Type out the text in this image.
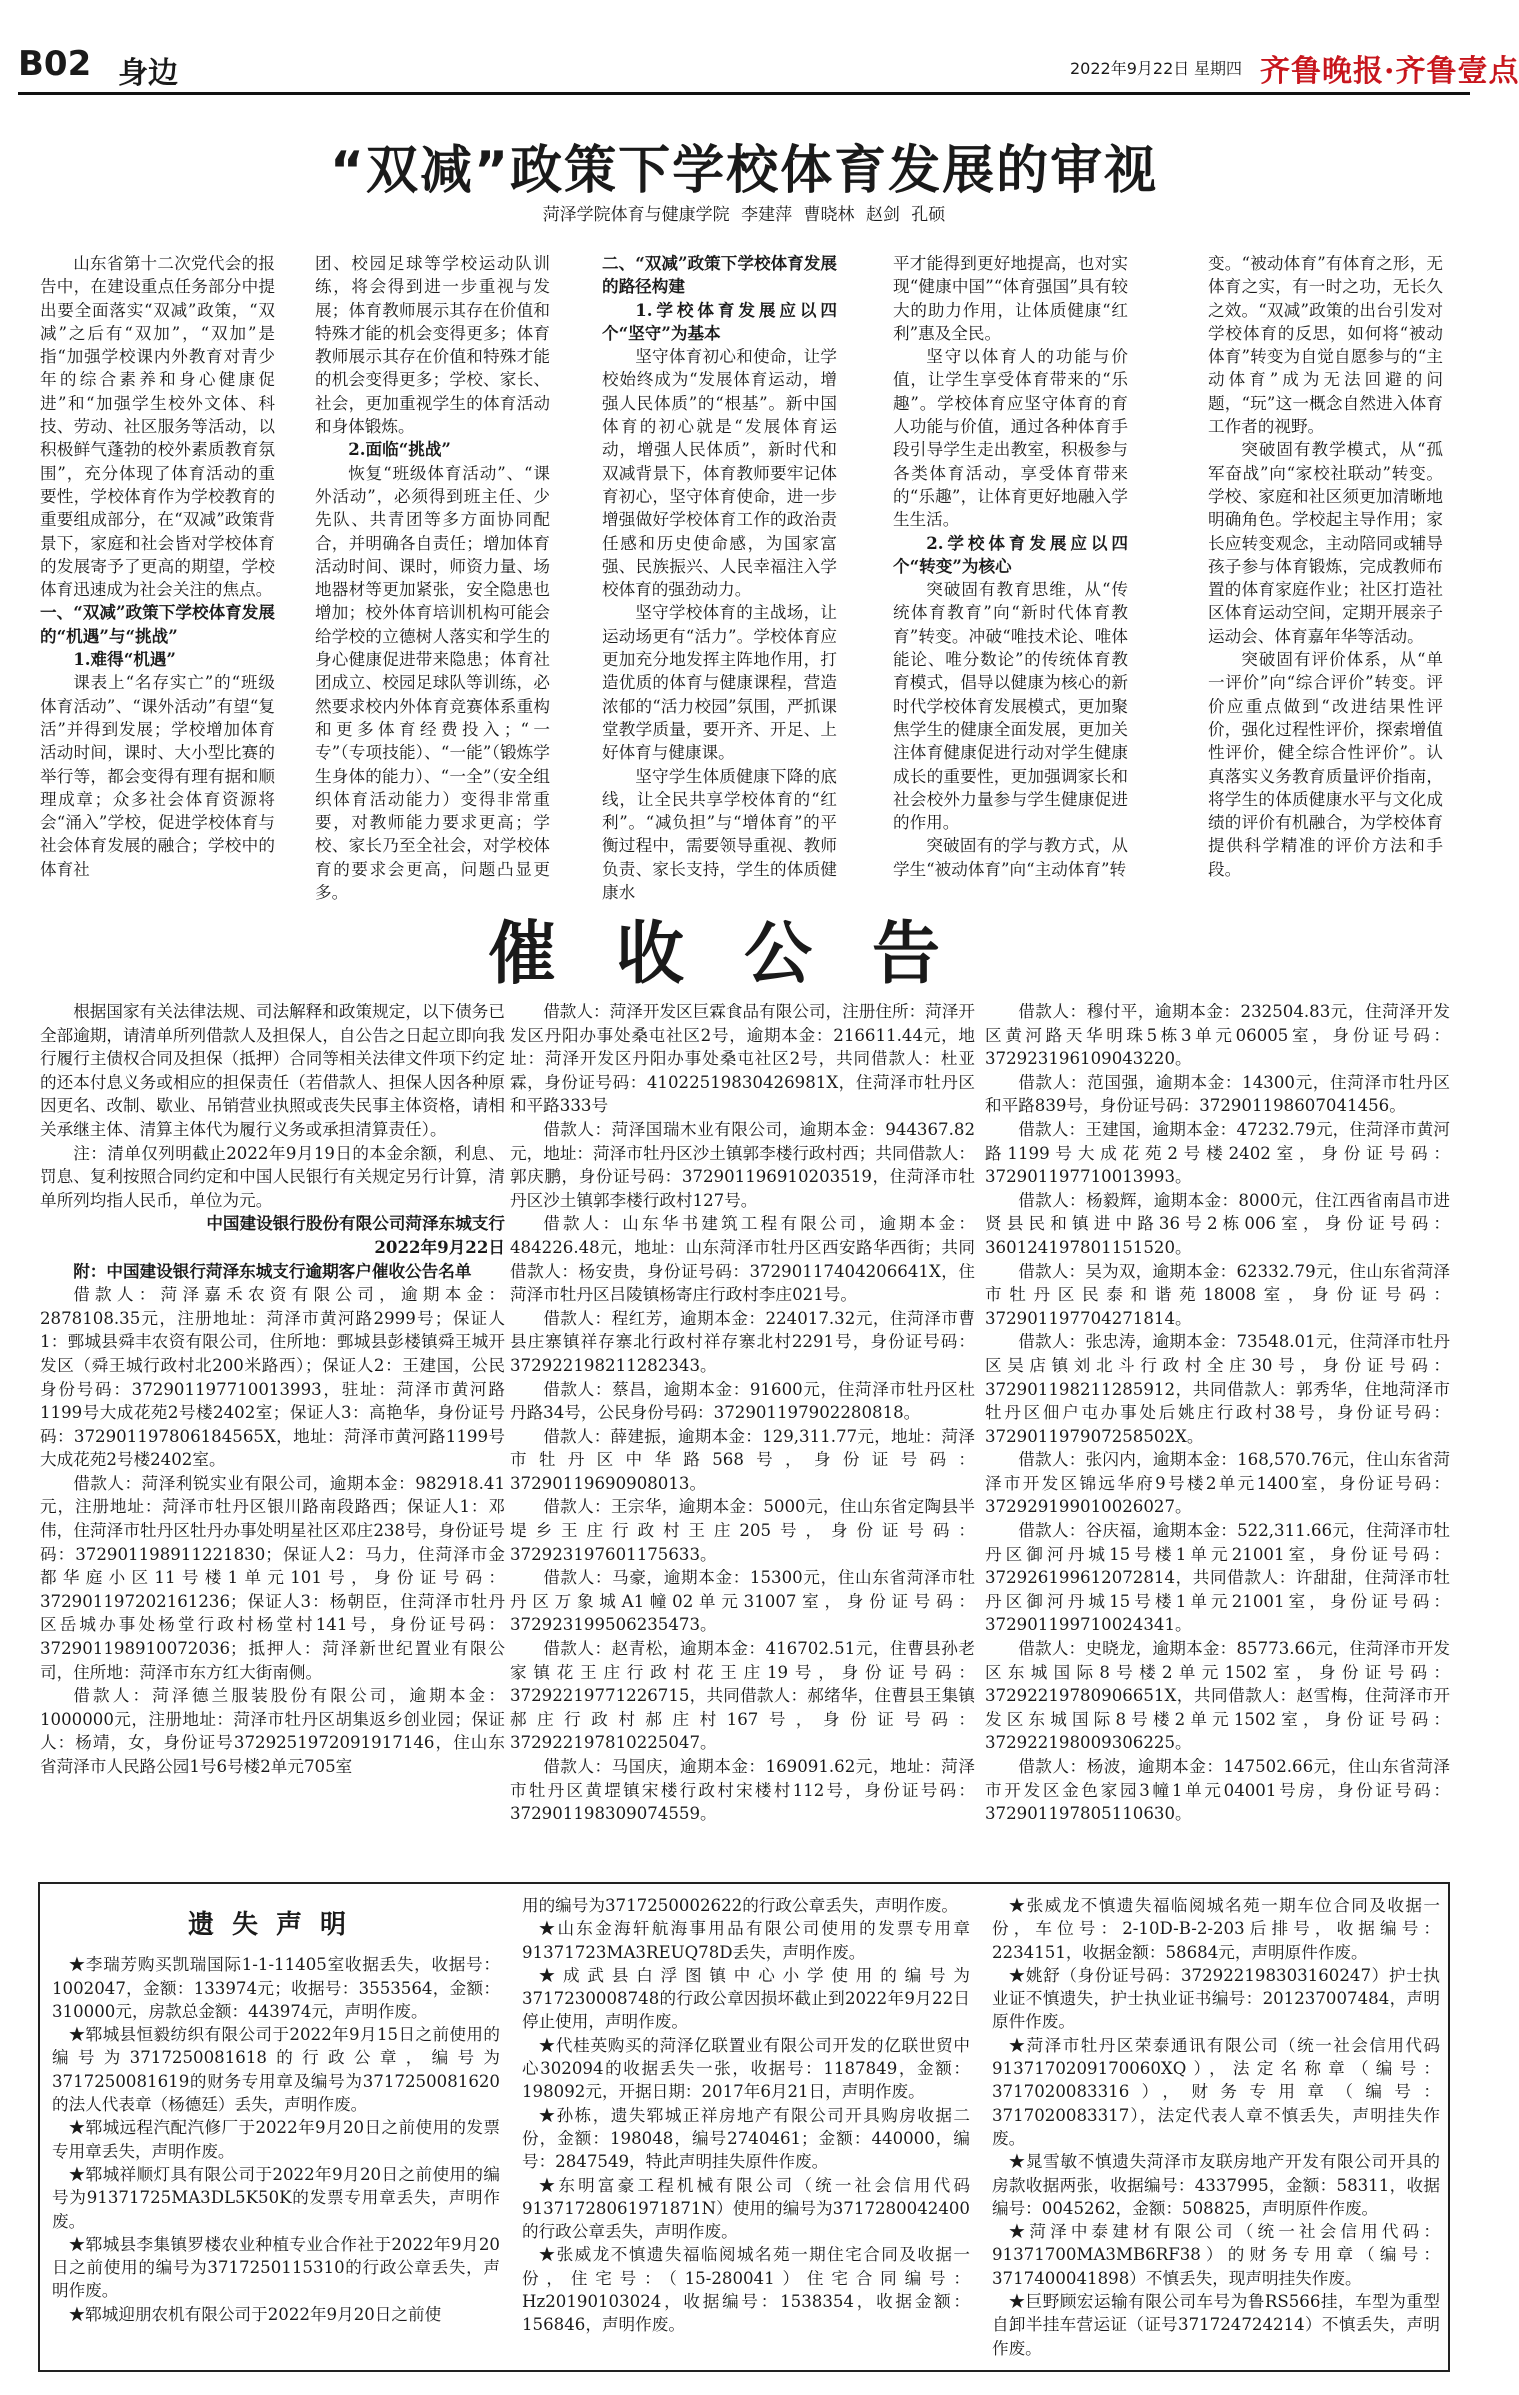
B02 身边	2022年9月22日 星期四 齐鲁晚报·齐鲁壹点
“双减”政策下学校体育发展的审视
菏泽学院体育与健康学院 李建萍 曹晓林 赵剑 孔硕

山东省第十二次党代会的报告中，在建设重点任务部分中提出要全面落实“双减”政策，“双减”之后有“双加”，“双加”是指“加强学校课内外教育对青少年的综合素养和身心健康促进”和“加强学生校外文体、科技、劳动、社区服务等活动，以积极鲜气蓬勃的校外素质教育氛围”，充分体现了体育活动的重要性，学校体育作为学校教育的重要组成部分，在“双减”政策背景下，家庭和社会皆对学校体育的发展寄予了更高的期望，学校体育迅速成为社会关注的焦点。

一、“双减”政策下学校体育发展的“机遇”与“挑战”

1.难得“机遇”

课表上“名存实亡”的“班级体育活动”、“课外活动”有望“复活”并得到发展；学校增加体育活动时间，课时、大小型比赛的举行等，都会变得有理有据和顺理成章；众多社会体育资源将会“涌入”学校，促进学校体育与社会体育发展的融合；学校中的体育社

团、校园足球等学校运动队训练，将会得到进一步重视与发展；体育教师展示其存在价值和特殊才能的机会变得更多；体育教师展示其存在价值和特殊才能的机会变得更多；学校、家长、社会，更加重视学生的体育活动和身体锻炼。

2.面临“挑战”

恢复“班级体育活动”、“课外活动”，必须得到班主任、少先队、共青团等多方面协同配合，并明确各自责任；增加体育活动时间、课时，师资力量、场地器材等更加紧张，安全隐患也增加；校外体育培训机构可能会给学校的立德树人落实和学生的身心健康促进带来隐患；体育社团成立、校园足球队等训练，必然要求校内外体育竞赛体系重构和更多体育经费投入；“一专”（专项技能）、“一能”（锻炼学生身体的能力）、“一全”（安全组织体育活动能力）变得非常重要，对教师能力要求更高；学校、家长乃至全社会，对学校体育的要求会更高，问题凸显更多。

二、“双减”政策下学校体育发展的路径构建

1.学校体育发展应以四个“坚守”为基本

坚守体育初心和使命，让学校始终成为“发展体育运动，增强人民体质”的“根基”。新中国体育的初心就是“发展体育运动，增强人民体质”，新时代和双减背景下，体育教师要牢记体育初心，坚守体育使命，进一步增强做好学校体育工作的政治责任感和历史使命感，为国家富强、民族振兴、人民幸福注入学校体育的强劲动力。

坚守学校体育的主战场，让运动场更有“活力”。学校体育应更加充分地发挥主阵地作用，打造优质的体育与健康课程，营造浓郁的“活力校园”氛围，严抓课堂教学质量，要开齐、开足、上好体育与健康课。

坚守学生体质健康下降的底线，让全民共享学校体育的“红利”。“减负担”与“增体育”的平衡过程中，需要领导重视、教师负责、家长支持，学生的体质健康水

平才能得到更好地提高，也对实现“健康中国”“体育强国”具有较大的助力作用，让体质健康“红利”惠及全民。

坚守以体育人的功能与价值，让学生享受体育带来的“乐趣”。学校体育应坚守体育的育人功能与价值，通过各种体育手段引导学生走出教室，积极参与各类体育活动，享受体育带来的“乐趣”，让体育更好地融入学生生活。

2.学校体育发展应以四个“转变”为核心

突破固有教育思维，从“传统体育教育”向“新时代体育教育”转变。冲破“唯技术论、唯体能论、唯分数论”的传统体育教育模式，倡导以健康为核心的新时代学校体育发展模式，更加聚焦学生的健康全面发展，更加关注体育健康促进行动对学生健康成长的重要性，更加强调家长和社会校外力量参与学生健康促进的作用。

突破固有的学与教方式，从学生“被动体育”向“主动体育”转

变。“被动体育”有体育之形，无体育之实，有一时之功，无长久之效。“双减”政策的出台引发对学校体育的反思，如何将“被动体育”转变为自觉自愿参与的“主动体育”成为无法回避的问题，“玩”这一概念自然进入体育工作者的视野。

突破固有教学模式，从“孤军奋战”向“家校社联动”转变。学校、家庭和社区须更加清晰地明确角色。学校起主导作用；家长应转变观念，主动陪同或辅导孩子参与体育锻炼，完成教师布置的体育家庭作业；社区打造社区体育运动空间，定期开展亲子运动会、体育嘉年华等活动。

突破固有评价体系，从“单一评价”向“综合评价”转变。评价应重点做到“改进结果性评价，强化过程性评价，探索增值性评价，健全综合性评价”。认真落实义务教育质量评价指南，将学生的体质健康水平与文化成绩的评价有机融合，为学校体育提供科学精准的评价方法和手段。

催收公告

根据国家有关法律法规、司法解释和政策规定，以下债务已全部逾期，请清单所列借款人及担保人，自公告之日起立即向我行履行主债权合同及担保（抵押）合同等相关法律文件项下约定的还本付息义务或相应的担保责任（若借款人、担保人因各种原因更名、改制、歇业、吊销营业执照或丧失民事主体资格，请相关承继主体、清算主体代为履行义务或承担清算责任）。

注：清单仅列明截止2022年9月19日的本金余额，利息、罚息、复利按照合同约定和中国人民银行有关规定另行计算，清单所列均指人民币，单位为元。

中国建设银行股份有限公司菏泽东城支行

2022年9月22日

附：中国建设银行菏泽东城支行逾期客户催收公告名单

借款人：菏泽嘉禾农资有限公司，逾期本金：2878108.35元，注册地址：菏泽市黄河路2999号；保证人1：鄄城县舜丰农资有限公司，住所地：鄄城县彭楼镇舜王城开发区（舜王城行政村北200米路西）；保证人2：王建国，公民身份号码：372901197710013993，驻址：菏泽市黄河路1199号大成花苑2号楼2402室；保证人3：高艳华，身份证号码：372901197806184565X，地址：菏泽市黄河路1199号大成花苑2号楼2402室。

借款人：菏泽利锐实业有限公司，逾期本金：982918.41元，注册地址：菏泽市牡丹区银川路南段路西；保证人1：邓伟，住菏泽市牡丹区牡丹办事处明星社区邓庄238号，身份证号码：372901198911221830；保证人2：马力，住菏泽市金都华庭小区11号楼1单元101号，身份证号码：372901197202161236；保证人3：杨朝臣，住菏泽市牡丹区岳城办事处杨堂行政村杨堂村141号，身份证号码：372901198910072036；抵押人：菏泽新世纪置业有限公司，住所地：菏泽市东方红大街南侧。

借款人：菏泽德兰服装股份有限公司，逾期本金：1000000元，注册地址：菏泽市牡丹区胡集返乡创业园；保证人：杨靖，女，身份证号3729251972091917146，住山东省菏泽市人民路公园1号6号楼2单元705室

借款人：菏泽开发区巨霖食品有限公司，注册住所：菏泽开发区丹阳办事处桑屯社区2号，逾期本金：216611.44元，地址：菏泽开发区丹阳办事处桑屯社区2号，共同借款人：杜亚霖，身份证号码：41022519830426981X，住菏泽市牡丹区和平路333号

借款人：菏泽国瑞木业有限公司，逾期本金：944367.82元，地址：菏泽市牡丹区沙土镇郭李楼行政村西；共同借款人：郭庆鹏，身份证号码：372901196910203519，住菏泽市牡丹区沙土镇郭李楼行政村127号。

借款人：山东华书建筑工程有限公司，逾期本金：484226.48元，地址：山东菏泽市牡丹区西安路华西街；共同借款人：杨安贵，身份证号码：37290117404206641X，住菏泽市牡丹区吕陵镇杨寄庄行政村李庄021号。

借款人：程红芳，逾期本金：224017.32元，住菏泽市曹县庄寨镇祥存寨北行政村祥存寨北村2291号，身份证号码：372922198211282343。

借款人：蔡昌，逾期本金：91600元，住菏泽市牡丹区杜丹路34号，公民身份号码：372901197902280818。

借款人：薛建振，逾期本金：129,311.77元，地址：菏泽市牡丹区中华路568号，身份证号码：37290119690908013。

借款人：王宗华，逾期本金：5000元，住山东省定陶县半堤乡王庄行政村王庄205号，身份证号码：372923197601175633。

借款人：马豪，逾期本金：15300元，住山东省菏泽市牡丹区万象城A1幢02单元31007室，身份证号码：372923199506235473。

借款人：赵青松，逾期本金：416702.51元，住曹县孙老家镇花王庄行政村花王庄19号，身份证号码：37292219771226715，共同借款人：郝绪华，住曹县王集镇郝庄行政村郝庄村167号，身份证号码：372922197810225047。

借款人：马国庆，逾期本金：169091.62元，地址：菏泽市牡丹区黄堽镇宋楼行政村宋楼村112号，身份证号码：372901198309074559。

借款人：穆付平，逾期本金：232504.83元，住菏泽开发区黄河路天华明珠5栋3单元06005室，身份证号码：372923196109043220。

借款人：范国强，逾期本金：14300元，住菏泽市牡丹区和平路839号，身份证号码：372901198607041456。

借款人：王建国，逾期本金：47232.79元，住菏泽市黄河路1199号大成花苑2号楼2402室，身份证号码：372901197710013993。

借款人：杨毅辉，逾期本金：8000元，住江西省南昌市进贤县民和镇进中路36号2栋006室，身份证号码：360124197801151520。

借款人：吴为双，逾期本金：62332.79元，住山东省菏泽市牡丹区民泰和谐苑18008室，身份证号码：372901197704271814。

借款人：张忠涛，逾期本金：73548.01元，住菏泽市牡丹区吴店镇刘北斗行政村全庄30号，身份证号码：372901198211285912，共同借款人：郭秀华，住地菏泽市牡丹区佃户屯办事处后姚庄行政村38号，身份证号码：372901197907258502X。

借款人：张闪内，逾期本金：168,570.76元，住山东省菏泽市开发区锦远华府9号楼2单元1400室，身份证号码：372929199010026027。

借款人：谷庆福，逾期本金：522,311.66元，住菏泽市牡丹区御河丹城15号楼1单元21001室，身份证号码：372926199612072814，共同借款人：许甜甜，住菏泽市牡丹区御河丹城15号楼1单元21001室，身份证号码：372901199710024341。

借款人：史晓龙，逾期本金：85773.66元，住菏泽市开发区东城国际8号楼2单元1502室，身份证号码：37292219780906651X，共同借款人：赵雪梅，住菏泽市开发区东城国际8号楼2单元1502室，身份证号码：372922198009306225。

借款人：杨波，逾期本金：147502.66元，住山东省菏泽市开发区金色家园3幢1单元04001号房，身份证号码：372901197805110630。

遗失声明

★李瑞芳购买凯瑞国际1-1-11405室收据丢失，收据号：1002047，金额：133974元；收据号：3553564，金额：310000元，房款总金额：443974元，声明作废。

★郓城县恒毅纺织有限公司于2022年9月15日之前使用的编号为3717250081618的行政公章，编号为3717250081619的财务专用章及编号为3717250081620的法人代表章（杨德廷）丢失，声明作废。

★郓城远程汽配汽修厂于2022年9月20日之前使用的发票专用章丢失，声明作废。

★郓城祥顺灯具有限公司于2022年9月20日之前使用的编号为91371725MA3DL5K50K的发票专用章丢失，声明作废。

★郓城县李集镇罗楼农业种植专业合作社于2022年9月20日之前使用的编号为3717250115310的行政公章丢失，声明作废。

★郓城迎朋农机有限公司于2022年9月20日之前使

用的编号为3717250002622的行政公章丢失，声明作废。

★山东金海轩航海事用品有限公司使用的发票专用章91371723MA3REUQ78D丢失，声明作废。

★成武县白浮图镇中心小学使用的编号为3717230008748的行政公章因损坏截止到2022年9月22日停止使用，声明作废。

★代桂英购买的菏泽亿联置业有限公司开发的亿联世贸中心302094的收据丢失一张，收据号：1187849，金额：198092元，开据日期：2017年6月21日，声明作废。

★孙栋，遗失郓城正祥房地产有限公司开具购房收据二份，金额：198048，编号2740461；金额：440000，编号：2847549，特此声明挂失原件作废。

★东明富豪工程机械有限公司（统一社会信用代码91371728061971871N）使用的编号为3717280042400的行政公章丢失，声明作废。

★张威龙不慎遗失福临阅城名苑一期住宅合同及收据一份，住宅号：（15-280041）住宅合同编号：Hz20190103024，收据编号：1538354，收据金额：156846，声明作废。

★张威龙不慎遗失福临阅城名苑一期车位合同及收据一份，车位号：2-10D-B-2-203后排号，收据编号：2234151，收据金额：58684元，声明原件作废。

★姚舒（身份证号码：372922198303160247）护士执业证不慎遗失，护士执业证书编号：201237007484，声明原件作废。

★菏泽市牡丹区荣泰通讯有限公司（统一社会信用代码9137170209170060XQ），法定名称章（编号：3717020083316），财务专用章（编号：3717020083317），法定代表人章不慎丢失，声明挂失作废。

★晁雪敏不慎遗失菏泽市友联房地产开发有限公司开具的房款收据两张，收据编号：4337995，金额：58311，收据编号：0045262，金额：508825，声明原件作废。

★菏泽中泰建材有限公司（统一社会信用代码：91371700MA3MB6RF38）的财务专用章（编号：3717400041898）不慎丢失，现声明挂失作废。

★巨野顾宏运输有限公司车号为鲁RS566挂，车型为重型自卸半挂车营运证（证号371724724214）不慎丢失，声明作废。
